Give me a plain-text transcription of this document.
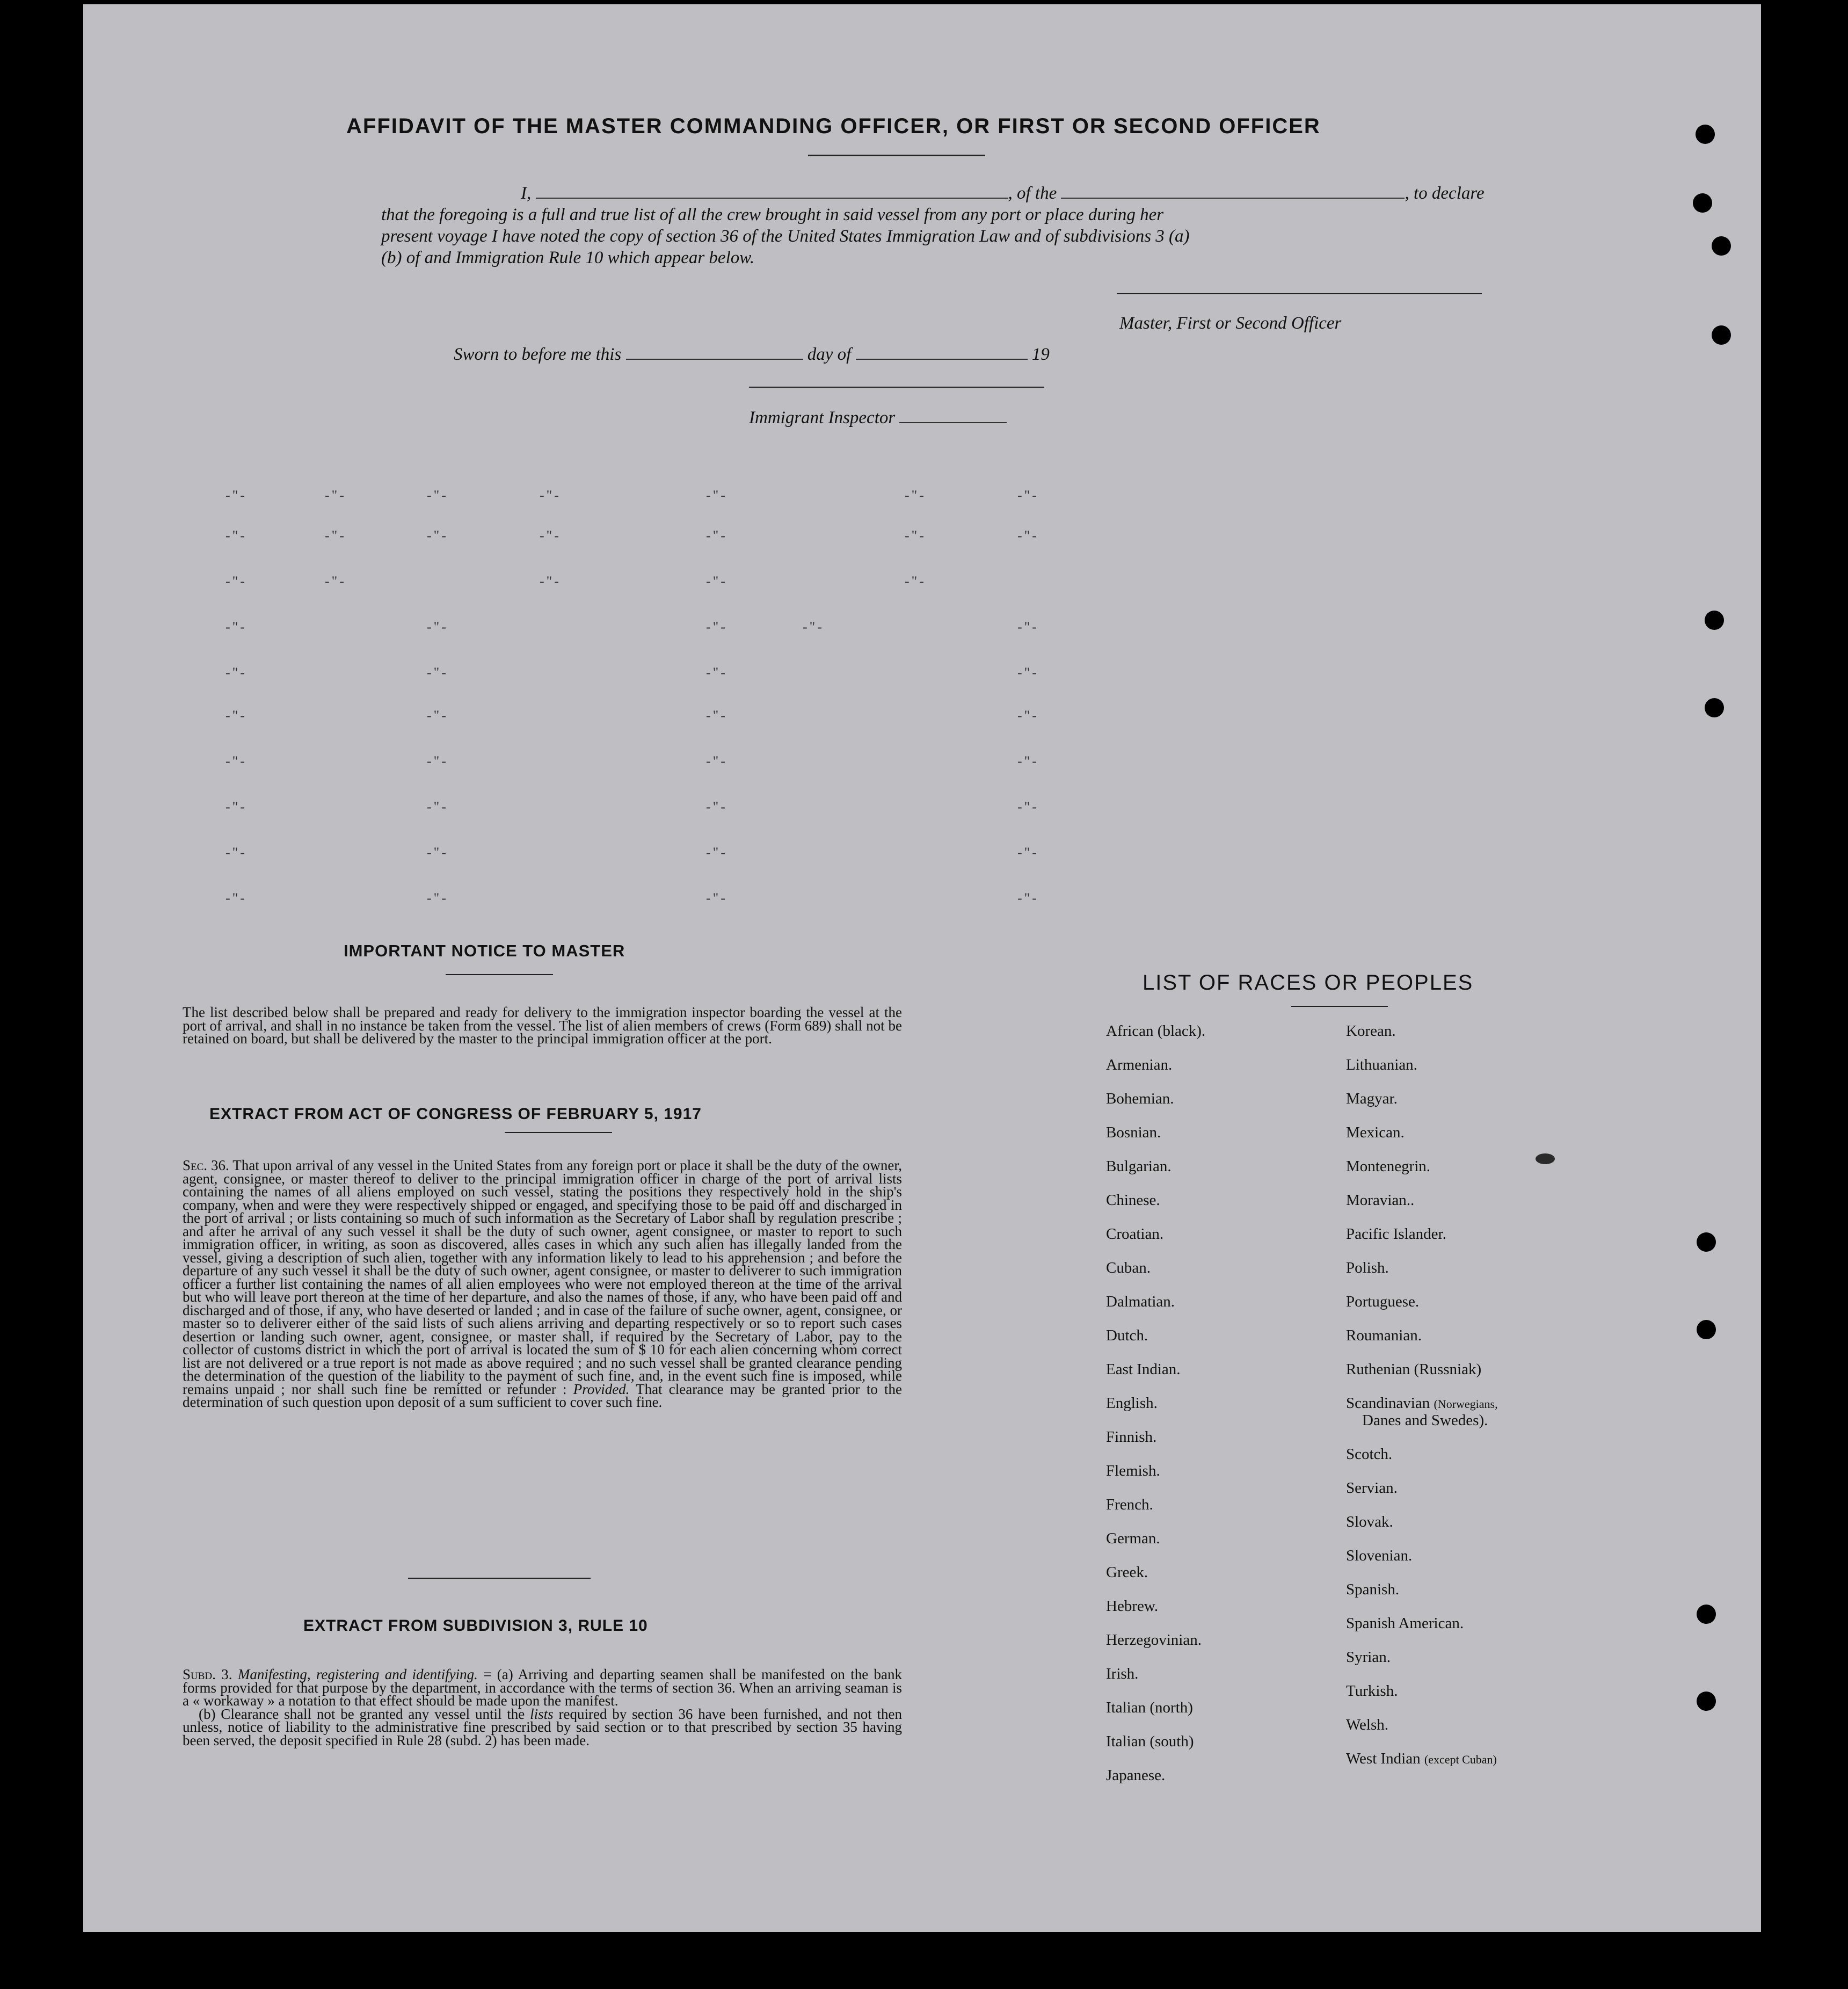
AFFIDAVIT OF THE MASTER COMMANDING OFFICER, OR FIRST OR SECOND OFFICER
I,	, of the	, to declare
that the foregoing is a full and true list of all the crew brought in said vessel from any port or place during her
present voyage I have noted the copy of section 36 of the United States Immigration Law and of subdivisions 3 (a)
(b) of and Immigration Rule 10 which appear below.
Master, First or Second Officer
Sworn to before me this	day of	19
Immigrant Inspector
-"-	-"-	-"-	-"-	-"-	-"-	-"-
-"-	-"-	-"-	-"-	-"-	-"-	-"-
-"-	-"-	-"-	-"-	-"-
-"-	-"-	-"-	-"-	-"-
-"-	-"-	-"-	-"-
-"-	-"-	-"-	-"-
-"-	-"-	-"-	-"-
-"-	-"-	-"-	-"-
-"-	-"-	-"-	-"-
-"-	-"-	-"-	-"-
IMPORTANT NOTICE TO MASTER

The list described below shall be prepared and ready for delivery to the immigration inspector boarding the vessel at the port of arrival, and shall in no instance be taken from the vessel. The list of alien members of crews (Form 689) shall not be retained on board, but shall be delivered by the master to the principal immigration officer at the port.

EXTRACT FROM ACT OF CONGRESS OF FEBRUARY 5, 1917

Sec. 36. That upon arrival of any vessel in the United States from any foreign port or place it shall be the duty of the owner, agent, consignee, or master thereof to deliver to the principal immigration officer in charge of the port of arrival lists containing the names of all aliens employed on such vessel, stating the positions they respectively hold in the ship's company, when and were they were respectively shipped or engaged, and specifying those to be paid off and discharged in the port of arrival ; or lists containing so much of such information as the Secretary of Labor shall by regulation prescribe ; and after he arrival of any such vessel it shall be the duty of such owner, agent consignee, or master to report to such immigration officer, in writing, as soon as discovered, alles cases in which any such alien has illegally landed from the vessel, giving a description of such alien, together with any information likely to lead to his apprehension ; and before the departure of any such vessel it shall be the duty of such owner, agent consignee, or master to deliverer to such immigration officer a further list containing the names of all alien employees who were not employed thereon at the time of the arrival but who will leave port thereon at the time of her departure, and also the names of those, if any, who have been paid off and discharged and of those, if any, who have deserted or landed ; and in case of the failure of suche owner, agent, consignee, or master so to deliverer either of the said lists of such aliens arriving and departing respectively or so to report such cases desertion or landing such owner, agent, consignee, or master shall, if required by the Secretary of Labor, pay to the collector of customs district in which the port of arrival is located the sum of $ 10 for each alien concerning whom correct list are not delivered or a true report is not made as above required ; and no such vessel shall be granted clearance pending the determination of the question of the liability to the payment of such fine, and, in the event such fine is imposed, while remains unpaid ; nor shall such fine be remitted or refunder : Provided. That clearance may be granted prior to the determination of such question upon deposit of a sum sufficient to cover such fine.

EXTRACT FROM SUBDIVISION 3, RULE 10

Subd. 3. Manifesting, registering and identifying. = (a) Arriving and departing seamen shall be manifested on the bank forms provided for that purpose by the department, in accordance with the terms of section 36. When an arriving seaman is a « workaway » a notation to that effect should be made upon the manifest.

(b) Clearance shall not be granted any vessel until the lists required by section 36 have been furnished, and not then unless, notice of liability to the administrative fine prescribed by said section or to that prescribed by section 35 having been served, the deposit specified in Rule 28 (subd. 2) has been made.

LIST OF RACES OR PEOPLES
African (black).
Armenian.
Bohemian.
Bosnian.
Bulgarian.
Chinese.
Croatian.
Cuban.
Dalmatian.
Dutch.
East Indian.
English.
Finnish.
Flemish.
French.
German.
Greek.
Hebrew.
Herzegovinian.
Irish.
Italian (north)
Italian (south)
Japanese.
Korean.
Lithuanian.
Magyar.
Mexican.
Montenegrin.
Moravian..
Pacific Islander.
Polish.
Portuguese.
Roumanian.
Ruthenian (Russniak)
Scandinavian (Norwegians,
Danes and Swedes).
Scotch.
Servian.
Slovak.
Slovenian.
Spanish.
Spanish American.
Syrian.
Turkish.
Welsh.
West Indian (except Cuban)
